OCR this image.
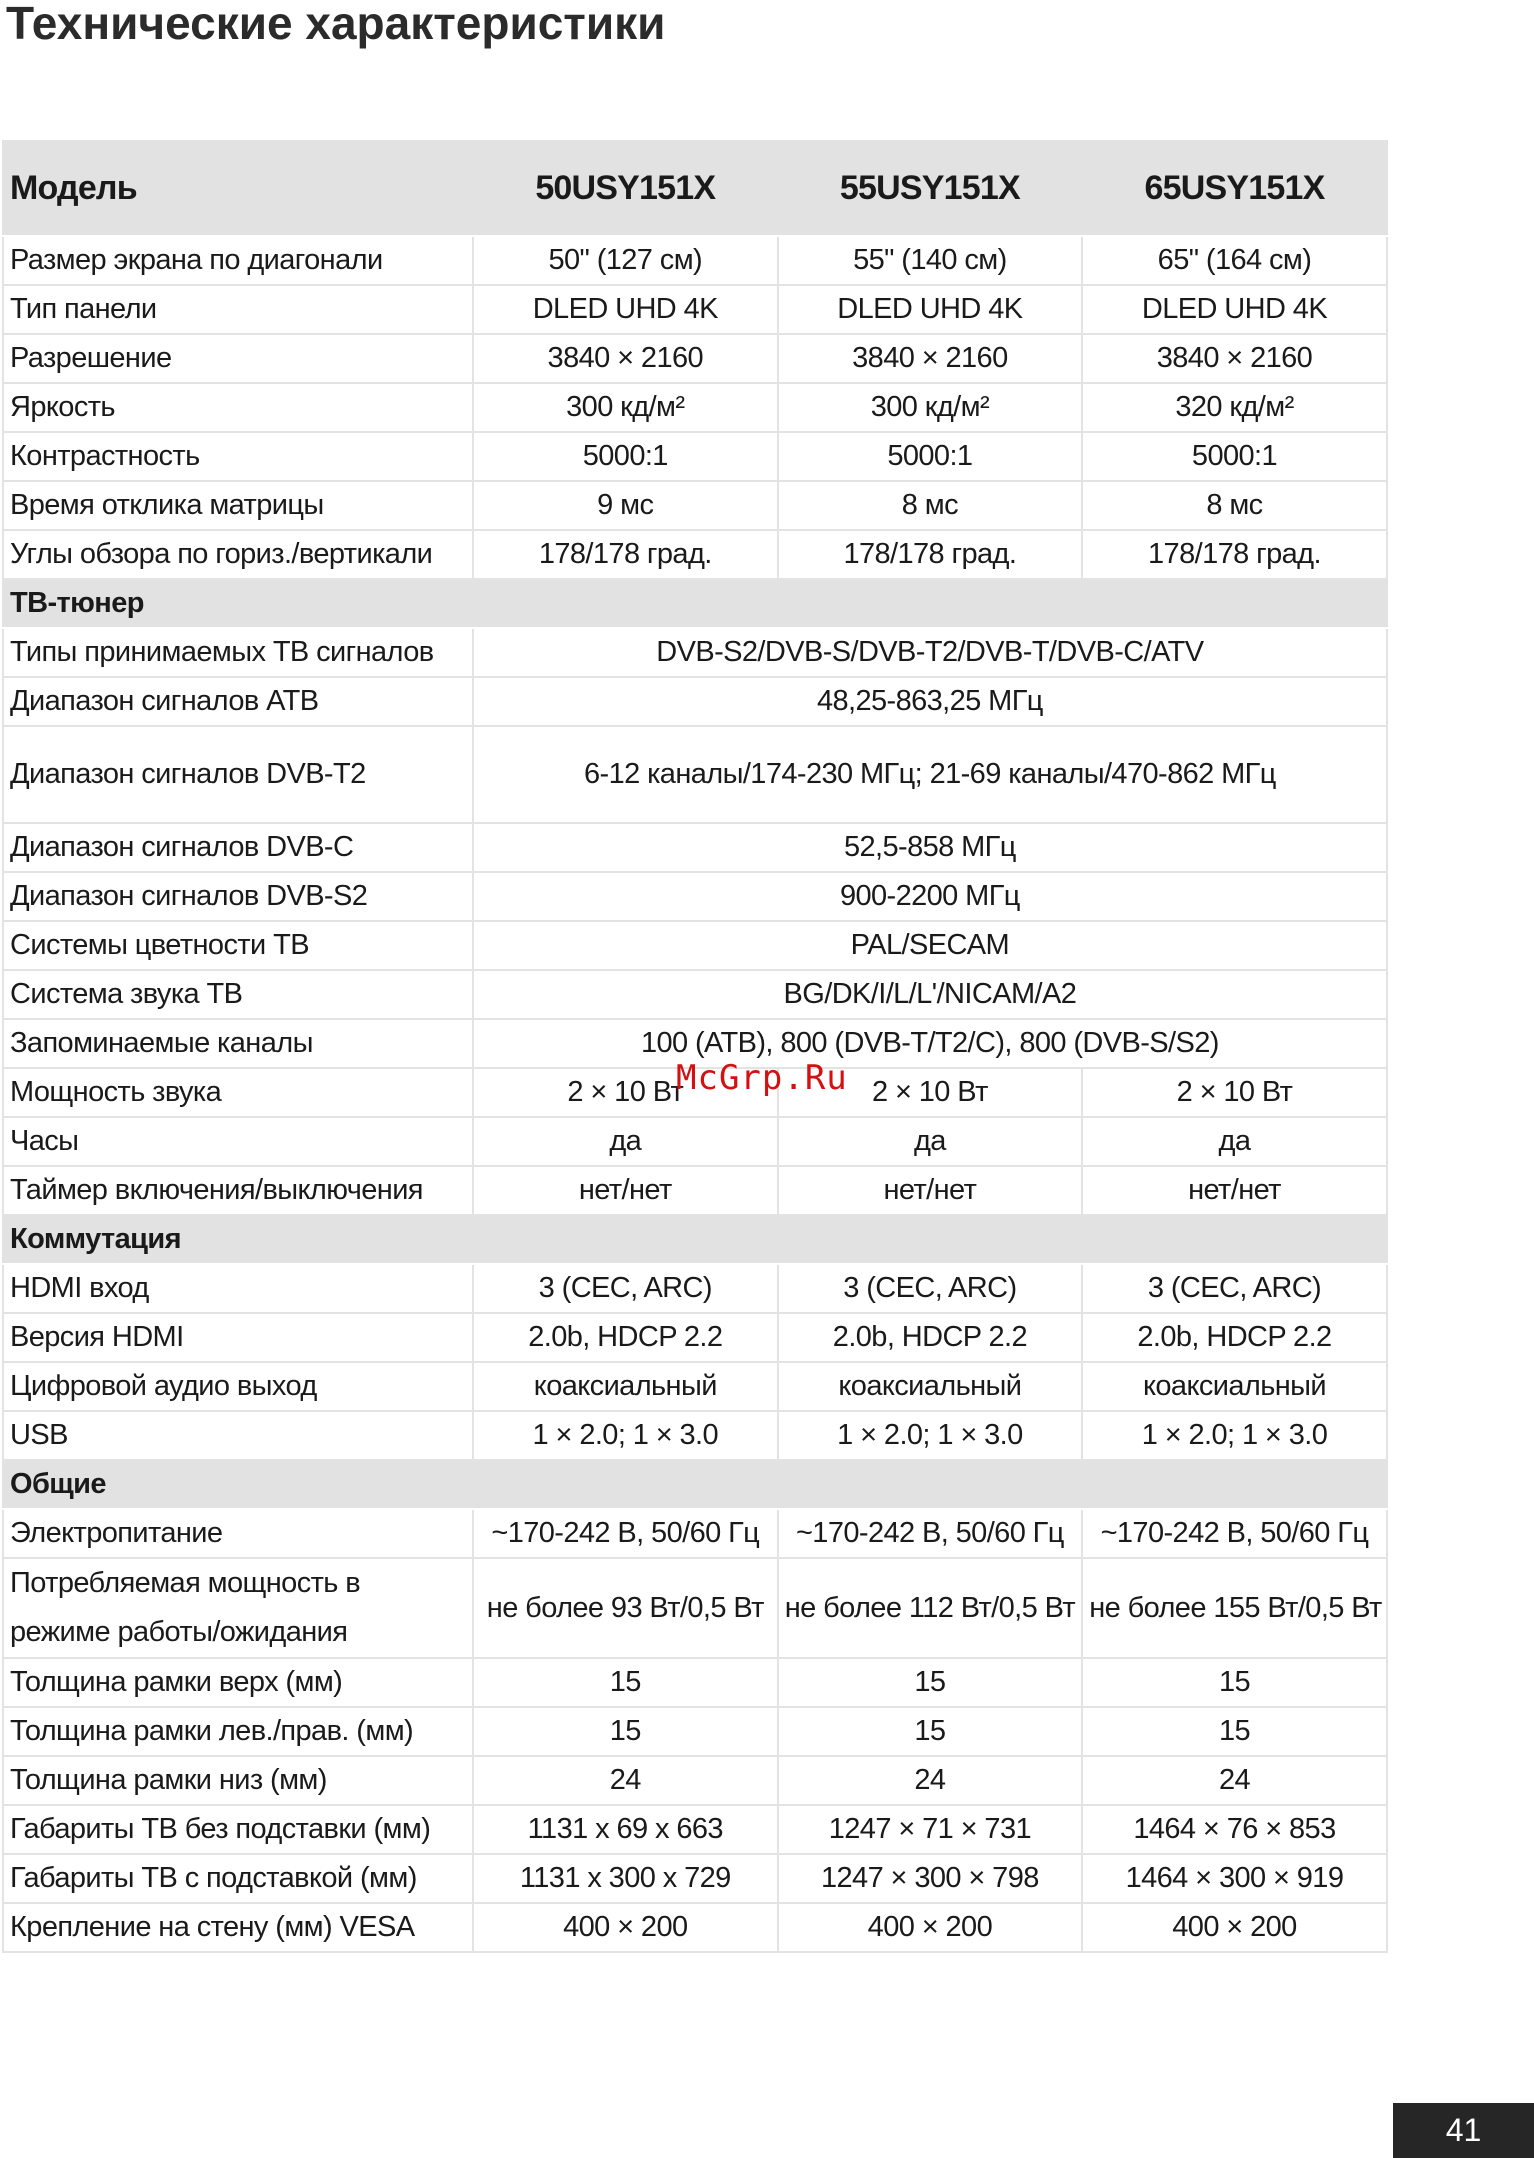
Технические характеристики
Модель	50USY151X	55USY151X	65USY151X
Размер экрана по диагонали	50" (127 см)	55" (140 см)	65" (164 см)
Тип панели	DLED UHD 4K	DLED UHD 4K	DLED UHD 4K
Разрешение	3840 × 2160	3840 × 2160	3840 × 2160
Яркость	300 кд/м²	300 кд/м²	320 кд/м²
Контрастность	5000:1	5000:1	5000:1
Время отклика матрицы	9 мс	8 мс	8 мс
Углы обзора по гориз./вертикали	178/178 град.	178/178 град.	178/178 град.
ТВ-тюнер			
Типы принимаемых ТВ сигналов	DVB-S2/DVB-S/DVB-T2/DVB-T/DVB-C/ATV		
Диапазон сигналов АТВ	48,25-863,25 МГц		
Диапазон сигналов DVB-T2	6-12 каналы/174-230 МГц; 21-69 каналы/470-862 МГц		
Диапазон сигналов DVB-C	52,5-858 МГц		
Диапазон сигналов DVB-S2	900-2200 МГц		
Системы цветности ТВ	PAL/SECAM		
Система звука ТВ	BG/DK/I/L/L'/NICAM/A2		
Запоминаемые каналы	100 (АТВ), 800 (DVB-T/T2/C), 800 (DVB-S/S2)		
Мощность звука	2 × 10 Вт	2 × 10 Вт	2 × 10 Вт
Часы	да	да	да
Таймер включения/выключения	нет/нет	нет/нет	нет/нет
Коммутация			
HDMI вход	3 (CEC, ARC)	3 (CEC, ARC)	3 (CEC, ARC)
Версия HDMI	2.0b, HDCP 2.2	2.0b, HDCP 2.2	2.0b, HDCP 2.2
Цифровой аудио выход	коаксиальный	коаксиальный	коаксиальный
USB	1 × 2.0; 1 × 3.0	1 × 2.0; 1 × 3.0	1 × 2.0; 1 × 3.0
Общие			
Электропитание	~170-242 В, 50/60 Гц	~170-242 В, 50/60 Гц	~170-242 В, 50/60 Гц
Потребляемая мощность в режиме работы/ожидания	не более 93 Вт/0,5 Вт	не более 112 Вт/0,5 Вт	не более 155 Вт/0,5 Вт
Толщина рамки верх (мм)	15	15	15
Толщина рамки лев./прав. (мм)	15	15	15
Толщина рамки низ (мм)	24	24	24
Габариты ТВ без подставки (мм)	1131 x 69 x 663	1247 × 71 × 731	1464 × 76 × 853
Габариты ТВ с подставкой (мм)	1131 x 300 x 729	1247 × 300 × 798	1464 × 300 × 919
Крепление на стену (мм) VESA	400 × 200	400 × 200	400 × 200
McGrp.Ru
41
